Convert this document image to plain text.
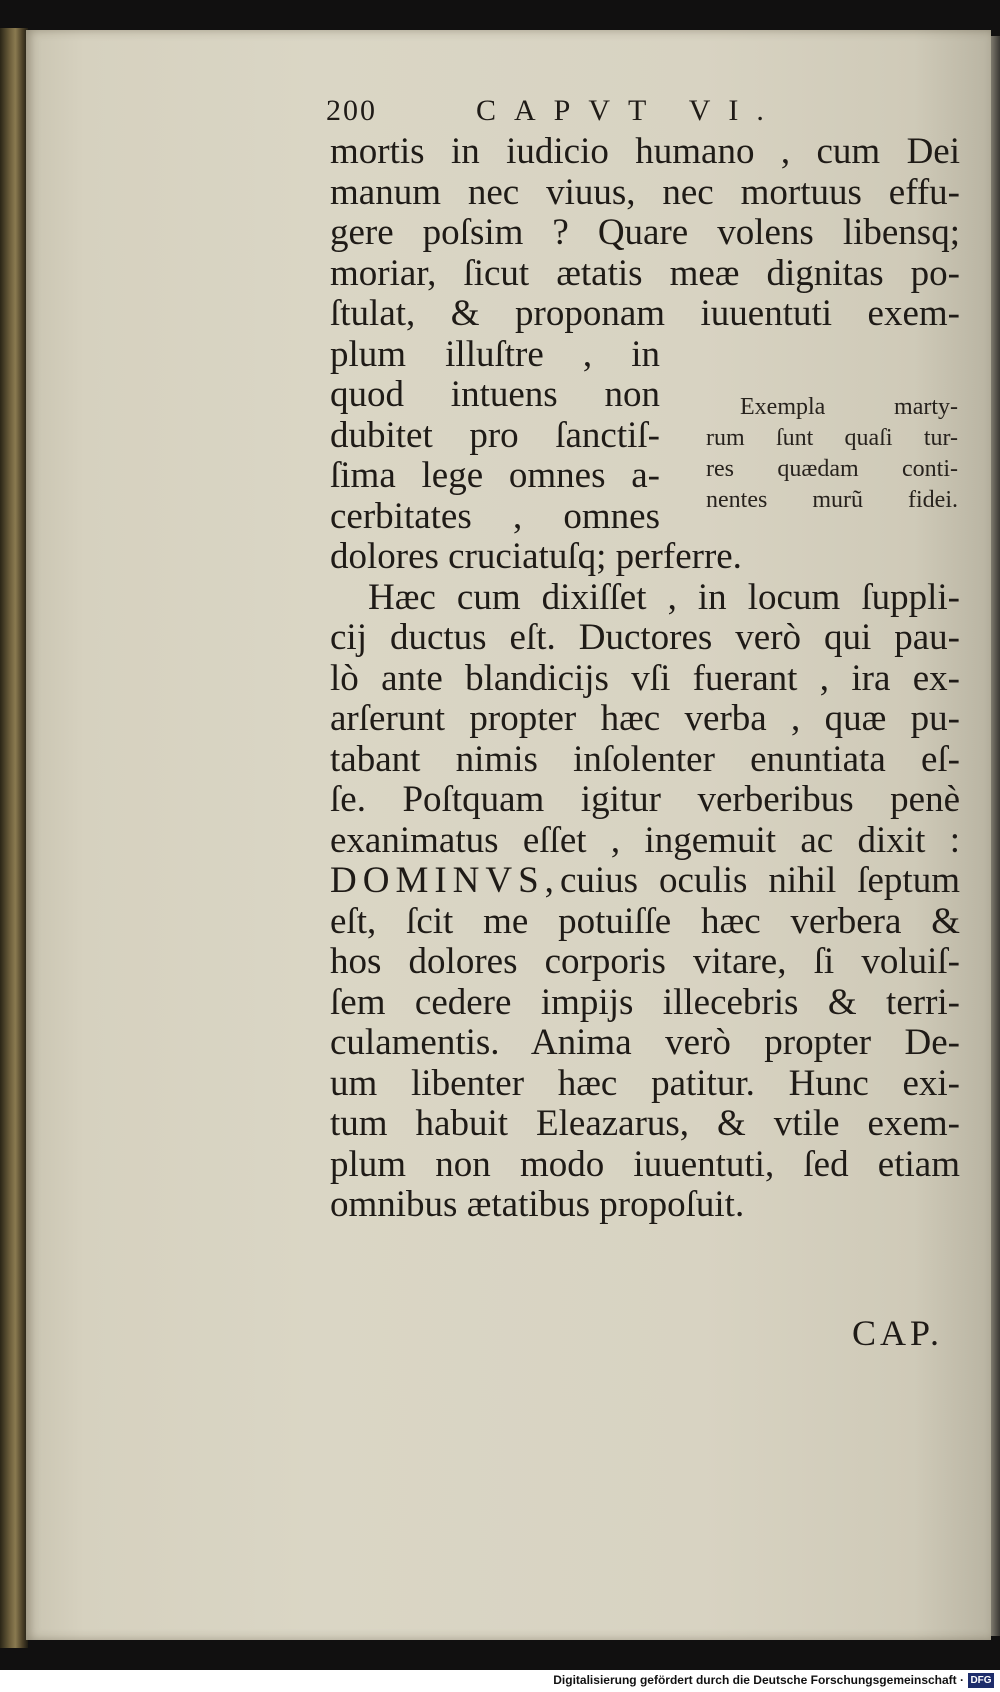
200	CAPVT VI.
mortis in iudicio humano , cum Dei
manum nec viuus, nec mortuus effu-
gere poſsim ? Quare volens libensq;
moriar, ſicut ætatis meæ dignitas po-
ſtulat, & proponam iuuentuti exem-
plum illuſtre , in
quod intuens non
dubitet pro ſanctiſ-
ſima lege omnes a-
cerbitates , omnes
dolores cruciatuſq; perferre.
Hæc cum dixiſſet , in locum ſuppli-
cij ductus eſt. Ductores verò qui pau-
lò ante blandicijs vſi fuerant , ira ex-
arſerunt propter hæc verba , quæ pu-
tabant nimis inſolenter enuntiata eſ-
ſe. Poſtquam igitur verberibus penè
exanimatus eſſet , ingemuit ac dixit :
DOMINVS,cuius oculis nihil ſeptum
eſt, ſcit me potuiſſe hæc verbera &
hos dolores corporis vitare, ſi voluiſ-
ſem cedere impijs illecebris & terri-
culamentis. Anima verò propter De-
um libenter hæc patitur. Hunc exi-
tum habuit Eleazarus, & vtile exem-
plum non modo iuuentuti, ſed etiam
omnibus ætatibus propoſuit.
Exempla marty-
rum ſunt quaſi tur-
res quædam conti-
nentes murũ fidei.
CAP.
Digitalisierung gefördert durch die Deutsche Forschungsgemeinschaft · DFG
